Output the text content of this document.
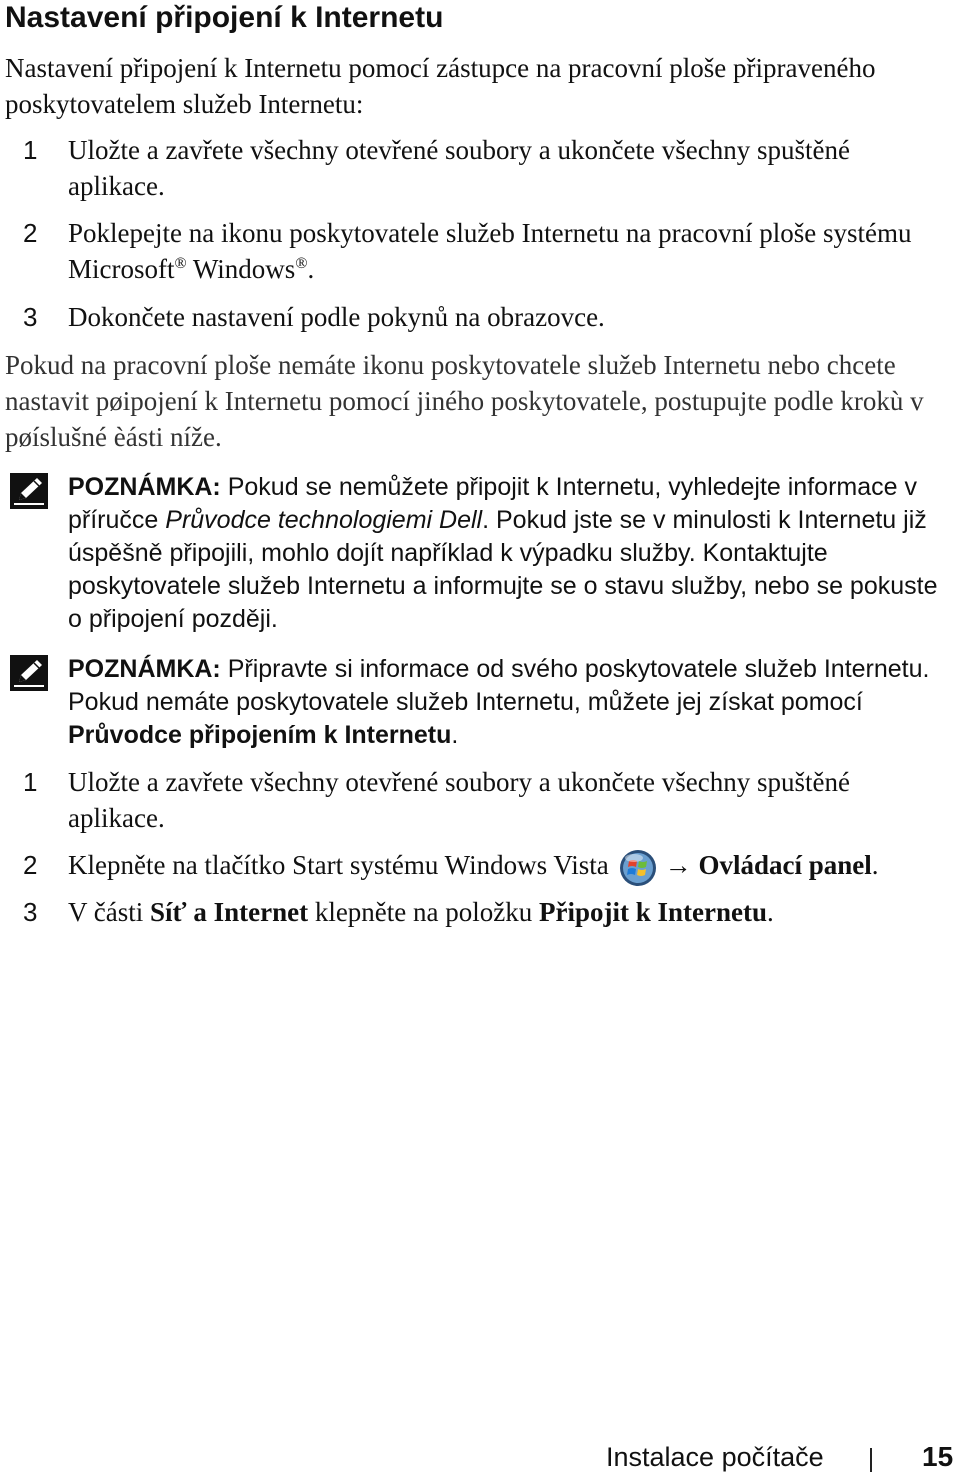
Nastavení připojení k Internetu
Nastavení připojení k Internetu pomocí zástupce na pracovní ploše připraveného poskytovatelem služeb Internetu:
1 Uložte a zavřete všechny otevřené soubory a ukončete všechny spuštěné aplikace.
2 Poklepejte na ikonu poskytovatele služeb Internetu na pracovní ploše systému Microsoft® Windows®.
3 Dokončete nastavení podle pokynů na obrazovce.
Pokud na pracovní ploše nemáte ikonu poskytovatele služeb Internetu nebo chcete nastavit pøipojení k Internetu pomocí jiného poskytovatele, postupujte podle krokù v pøíslušné èásti níže.
POZNÁMKA: Pokud se nemůžete připojit k Internetu, vyhledejte informace v příručce Průvodce technologiemi Dell. Pokud jste se v minulosti k Internetu již úspěšně připojili, mohlo dojít například k výpadku služby. Kontaktujte poskytovatele služeb Internetu a informujte se o stavu služby, nebo se pokuste o připojení později.
POZNÁMKA: Připravte si informace od svého poskytovatele služeb Internetu. Pokud nemáte poskytovatele služeb Internetu, můžete jej získat pomocí Průvodce připojením k Internetu.
1 Uložte a zavřete všechny otevřené soubory a ukončete všechny spuštěné aplikace.
2 Klepněte na tlačítko Start systému Windows Vista → Ovládací panel.
3 V části Síť a Internet klepněte na položku Připojit k Internetu.
Instalace počítače	15
